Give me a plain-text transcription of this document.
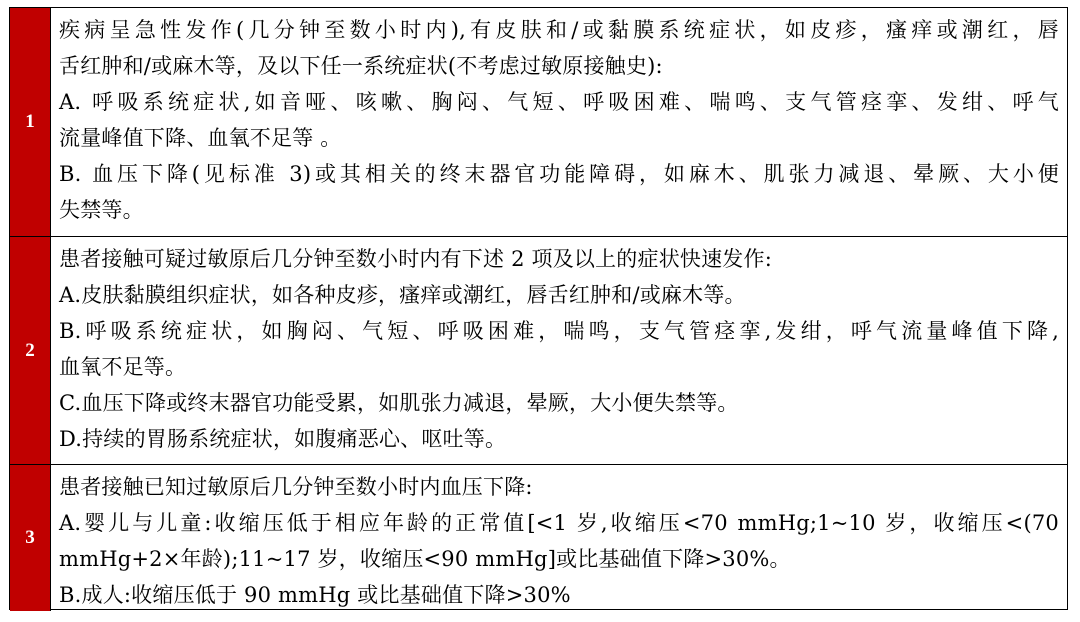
1
疾病呈急性发作(几分钟至数小时内),有皮肤和/或黏膜系统症状，如皮疹，瘙痒或潮红，唇
舌红肿和/或麻木等，及以下任一系统症状(不考虑过敏原接触史):
A. 呼吸系统症状,如音哑、咳嗽、胸闷、气短、呼吸困难、喘鸣、支气管痉挛、发绀、呼气
流量峰值下降、血氧不足等 。
B. 血压下降(见标准 3)或其相关的终末器官功能障碍，如麻木、肌张力减退、晕厥、大小便
失禁等。
2
患者接触可疑过敏原后几分钟至数小时内有下述 2 项及以上的症状快速发作:
A.皮肤黏膜组织症状，如各种皮疹，瘙痒或潮红，唇舌红肿和/或麻木等。
B.呼吸系统症状，如胸闷、气短、呼吸困难，喘鸣，支气管痉挛,发绀，呼气流量峰值下降,
血氧不足等。
C.血压下降或终末器官功能受累，如肌张力减退，晕厥，大小便失禁等。
D.持续的胃肠系统症状，如腹痛恶心、呕吐等。
3
患者接触已知过敏原后几分钟至数小时内血压下降:
A.婴儿与儿童:收缩压低于相应年龄的正常值[<1 岁,收缩压<70 mmHg;1~10 岁，收缩压<(70
mmHg+2×年龄);11~17 岁，收缩压<90 mmHg]或比基础值下降>30%。
B.成人:收缩压低于 90 mmHg 或比基础值下降>30%
